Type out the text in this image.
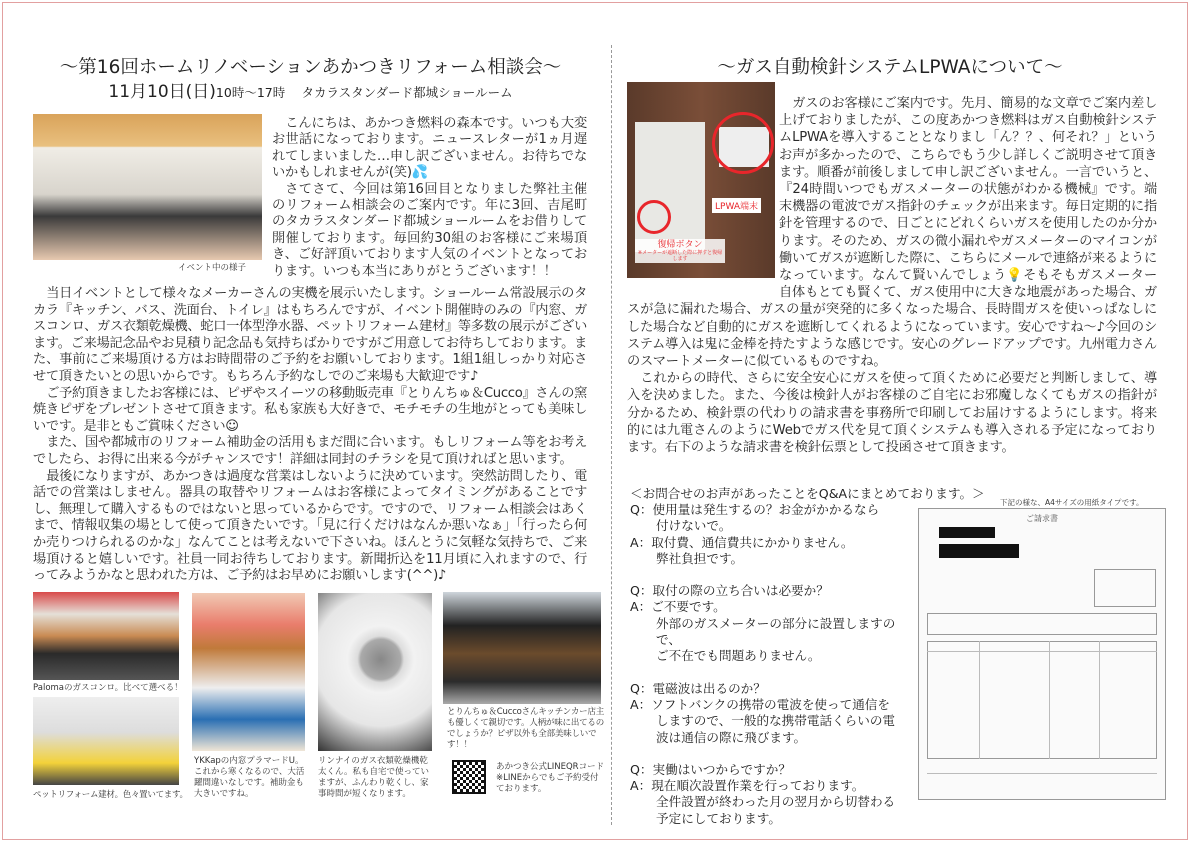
〜第16回ホームリノベーションあかつきリフォーム相談会〜
11月10日(日)10時〜17時 タカラスタンダード都城ショールーム
イベント中の様子

こんにちは、あかつき燃料の森本です。いつも大変お世話になっております。ニュースレターが1ヵ月遅れてしまいました…申し訳ございません。お待ちでないかもしれませんが(笑)💦

さてさて、今回は第16回目となりました弊社主催のリフォーム相談会のご案内です。年に3回、吉尾町のタカラスタンダード都城ショールームをお借りして開催しております。毎回約30組のお客様にご来場頂き、ご好評頂いております人気のイベントとなっております。いつも本当にありがとうございます！！

当日イベントとして様々なメーカーさんの実機を展示いたします。ショールーム常設展示のタカラ『キッチン、バス、洗面台、トイレ』はもちろんですが、イベント開催時のみの『内窓、ガスコンロ、ガス衣類乾燥機、蛇口一体型浄水器、ペットリフォーム建材』等多数の展示がございます。ご来場記念品やお見積り記念品も気持ちばかりですがご用意してお待ちしております。また、事前にご来場頂ける方はお時間帯のご予約をお願いしております。1組1組しっかり対応させて頂きたいとの思いからです。もちろん予約なしでのご来場も大歓迎です♪

ご予約頂きましたお客様には、ピザやスイーツの移動販売車『とりんちゅ＆Cucco』さんの窯焼きピザをプレゼントさせて頂きます。私も家族も大好きで、モチモチの生地がとっても美味しいです。是非ともご賞味ください☺

また、国や都城市のリフォーム補助金の活用もまだ間に合います。もしリフォーム等をお考えでしたら、お得に出来る今がチャンスです！詳細は同封のチラシを見て頂ければと思います。

最後になりますが、あかつきは過度な営業はしないように決めています。突然訪問したり、電話での営業はしません。器具の取替やリフォームはお客様によってタイミングがあることですし、無理して購入するものではないと思っているからです。ですので、リフォーム相談会はあくまで、情報収集の場として使って頂きたいです。「見に行くだけはなんか悪いなぁ」「行ったら何か売りつけられるのかな」なんてことは考えないで下さいね。ほんとうに気軽な気持ちで、ご来場頂けると嬉しいです。社員一同お待ちしております。新聞折込を11月頃に入れますので、行ってみようかなと思われた方は、ご予約はお早めにお願いします(^^)♪

Palomaのガスコンロ。比べて選べる！
ペットリフォーム建材。色々置いてます。
YKKapの内窓プラマードU。これから寒くなるので、大活躍間違いなしです。補助金も大きいですね。
リンナイのガス衣類乾燥機乾太くん。私も自宅で使っていますが、ふんわり乾くし、家事時間が短くなります。
とりんちゅ＆Cuccoさんキッチンカー店主も優しくて親切です。人柄が味に出てるのでしょうか？ピザ以外も全部美味しいです！！
あかつき公式LINEQRコード ※LINEからでもご予約受付ております。
〜ガス自動検針システムLPWAについて〜
LPWA端末
復帰ボタン
※メーターが遮断した際に押すと復帰します

ガスのお客様にご案内です。先月、簡易的な文章でご案内差し上げておりましたが、この度あかつき燃料はガス自動検針システムLPWAを導入することとなりまし「ん？？、何それ？」というお声が多かったので、こちらでもう少し詳しくご説明させて頂きます。順番が前後しまして申し訳ございません。一言でいうと、『24時間いつでもガスメーターの状態がわかる機械』です。端末機器の電波でガス指針のチェックが出来ます。毎日定期的に指針を管理するので、日ごとにどれくらいガスを使用したのか分かります。そのため、ガスの微小漏れやガスメーターのマイコンが働いてガスが遮断した際に、こちらにメールで連絡が来るようになっています。なんて賢いんでしょう💡そもそもガスメーター自体もとても賢くて、ガス使用中に大きな地震があった場合、ガスが急に漏れた場合、ガスの量が突発的に多くなった場合、長時間ガスを使いっぱなしにした場合など自動的にガスを遮断してくれるようになっています。安心ですね〜♪今回のシステム導入は鬼に金棒を持たすような感じです。安心のグレードアップです。九州電力さんのスマートメーターに似ているものですね。

これからの時代、さらに安全安心にガスを使って頂くために必要だと判断しまして、導入を決めました。また、今後は検針人がお客様のご自宅にお邪魔しなくてもガスの指針が分かるため、検針票の代わりの請求書を事務所で印刷してお届けするようにします。将来的には九電さんのようにWebでガス代を見て頂くシステムも導入される予定になっております。右下のような請求書を検針伝票として投函させて頂きます。

＜お問合せのお声があったことをQ&Aにまとめております。＞
Q：使用量は発生するの？お金がかかるなら
付けないで。
A：取付費、通信費共にかかりません。
弊社負担です。
Q：取付の際の立ち合いは必要か？
A：ご不要です。
外部のガスメーターの部分に設置しますので、
ご不在でも問題ありません。
Q：電磁波は出るのか？
A：ソフトバンクの携帯の電波を使って通信を
しますので、一般的な携帯電話くらいの電
波は通信の際に飛びます。
Q：実働はいつからですか？
A：現在順次設置作業を行っております。
全件設置が終わった月の翌月から切替わる
予定にしております。
下記の様な、A4サイズの用紙タイプです。
ご請求書
